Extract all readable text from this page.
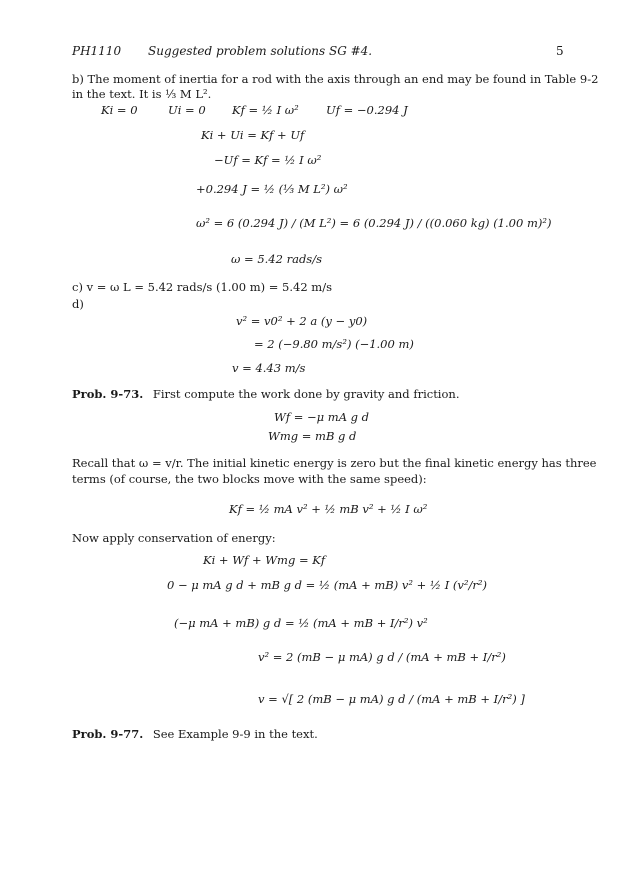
PH1110 Suggested problem solutions SG #4.	5
b) The moment of inertia for a rod with the axis through an end may be found in Table 9-2
in the text. It is ⅓ M L².
Ki = 0	Ui = 0 Kf = ½ I ω² Uf = −0.294 J
Ki + Ui = Kf + Uf
−Uf = Kf = ½ I ω²
+0.294 J = ½ (⅓ M L²) ω²
ω² = 6 (0.294 J) / (M L²) = 6 (0.294 J) / ((0.060 kg) (1.00 m)²)
ω = 5.42 rads/s
c) v = ω L = 5.42 rads/s (1.00 m) = 5.42 m/s
d)
v² = v0² + 2 a (y − y0)
= 2 (−9.80 m/s²) (−1.00 m)
v = 4.43 m/s
Prob. 9-73. First compute the work done by gravity and friction.
Wf = −μ mA g d
Wmg = mB g d
Recall that ω = v/r. The initial kinetic energy is zero but the final kinetic energy has three
terms (of course, the two blocks move with the same speed):
Kf = ½ mA v² + ½ mB v² + ½ I ω²
Now apply conservation of energy:
Ki + Wf + Wmg = Kf
0 − μ mA g d + mB g d = ½ (mA + mB) v² + ½ I (v²/r²)
(−μ mA + mB) g d = ½ (mA + mB + I/r²) v²
v² = 2 (mB − μ mA) g d / (mA + mB + I/r²)
v = √[ 2 (mB − μ mA) g d / (mA + mB + I/r²) ]
Prob. 9-77. See Example 9-9 in the text.
